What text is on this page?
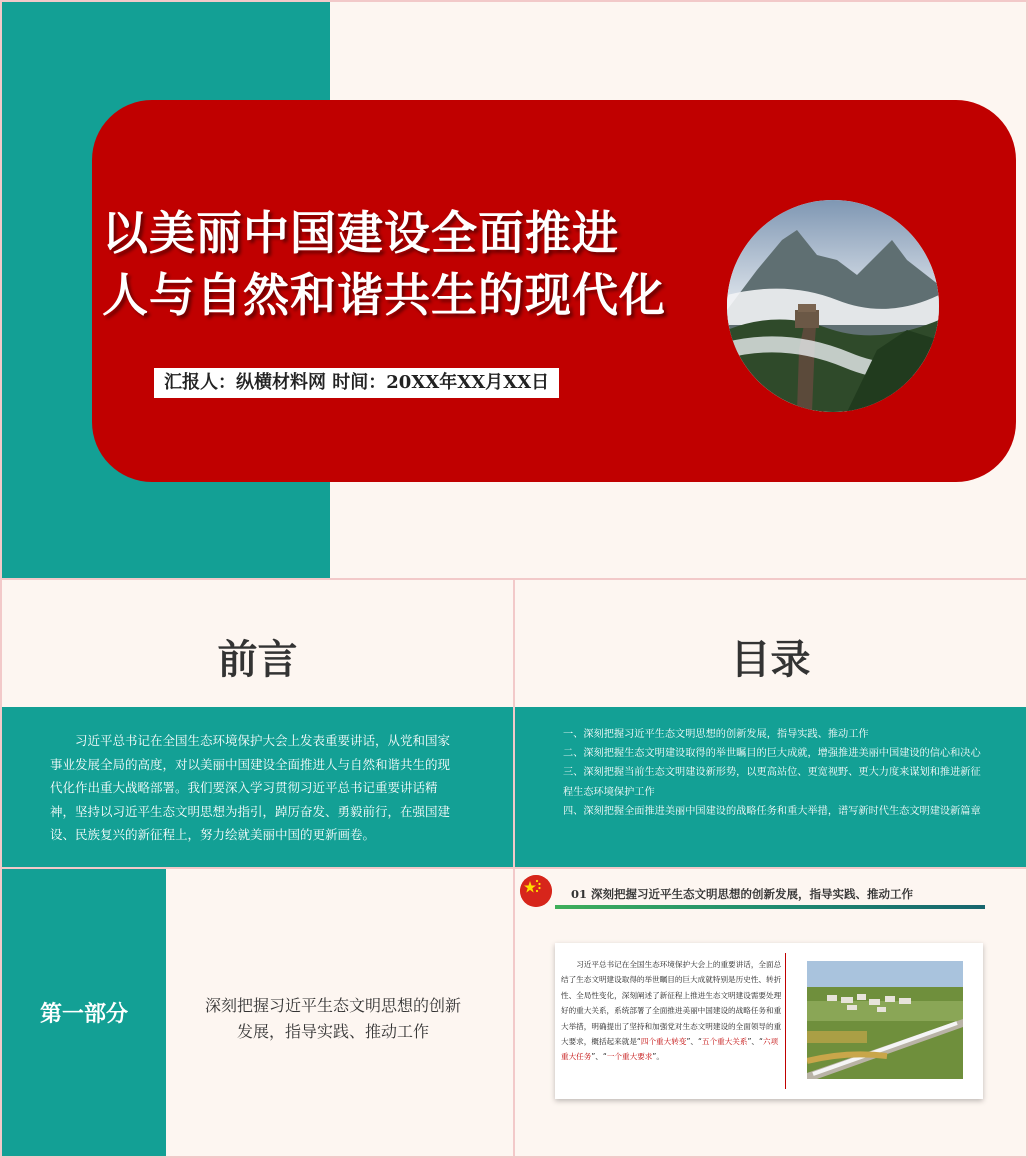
以美丽中国建设全面推进
人与自然和谐共生的现代化
汇报人：纵横材料网 时间：20XX年XX月XX日
前言
习近平总书记在全国生态环境保护大会上发表重要讲话，从党和国家事业发展全局的高度，对以美丽中国建设全面推进人与自然和谐共生的现代化作出重大战略部署。我们要深入学习贯彻习近平总书记重要讲话精神，坚持以习近平生态文明思想为指引，踔厉奋发、勇毅前行，在强国建设、民族复兴的新征程上，努力绘就美丽中国的更新画卷。
目录
一、深刻把握习近平生态文明思想的创新发展，指导实践、推动工作
二、深刻把握生态文明建设取得的举世瞩目的巨大成就，增强推进美丽中国建设的信心和决心
三、深刻把握当前生态文明建设新形势，以更高站位、更宽视野、更大力度来谋划和推进新征程生态环境保护工作
四、深刻把握全面推进美丽中国建设的战略任务和重大举措，谱写新时代生态文明建设新篇章
第一部分	深刻把握习近平生态文明思想的创新发展，指导实践、推动工作
01 深刻把握习近平生态文明思想的创新发展，指导实践、推动工作
习近平总书记在全国生态环境保护大会上的重要讲话，全面总结了生态文明建设取得的举世瞩目的巨大成就特别是历史性、转折性、全局性变化，深刻阐述了新征程上推进生态文明建设需要处理好的重大关系，系统部署了全面推进美丽中国建设的战略任务和重大举措，明确提出了坚持和加强党对生态文明建设的全面领导的重大要求，概括起来就是“四个重大转变”、“五个重大关系”、“六项重大任务”、“一个重大要求”。
